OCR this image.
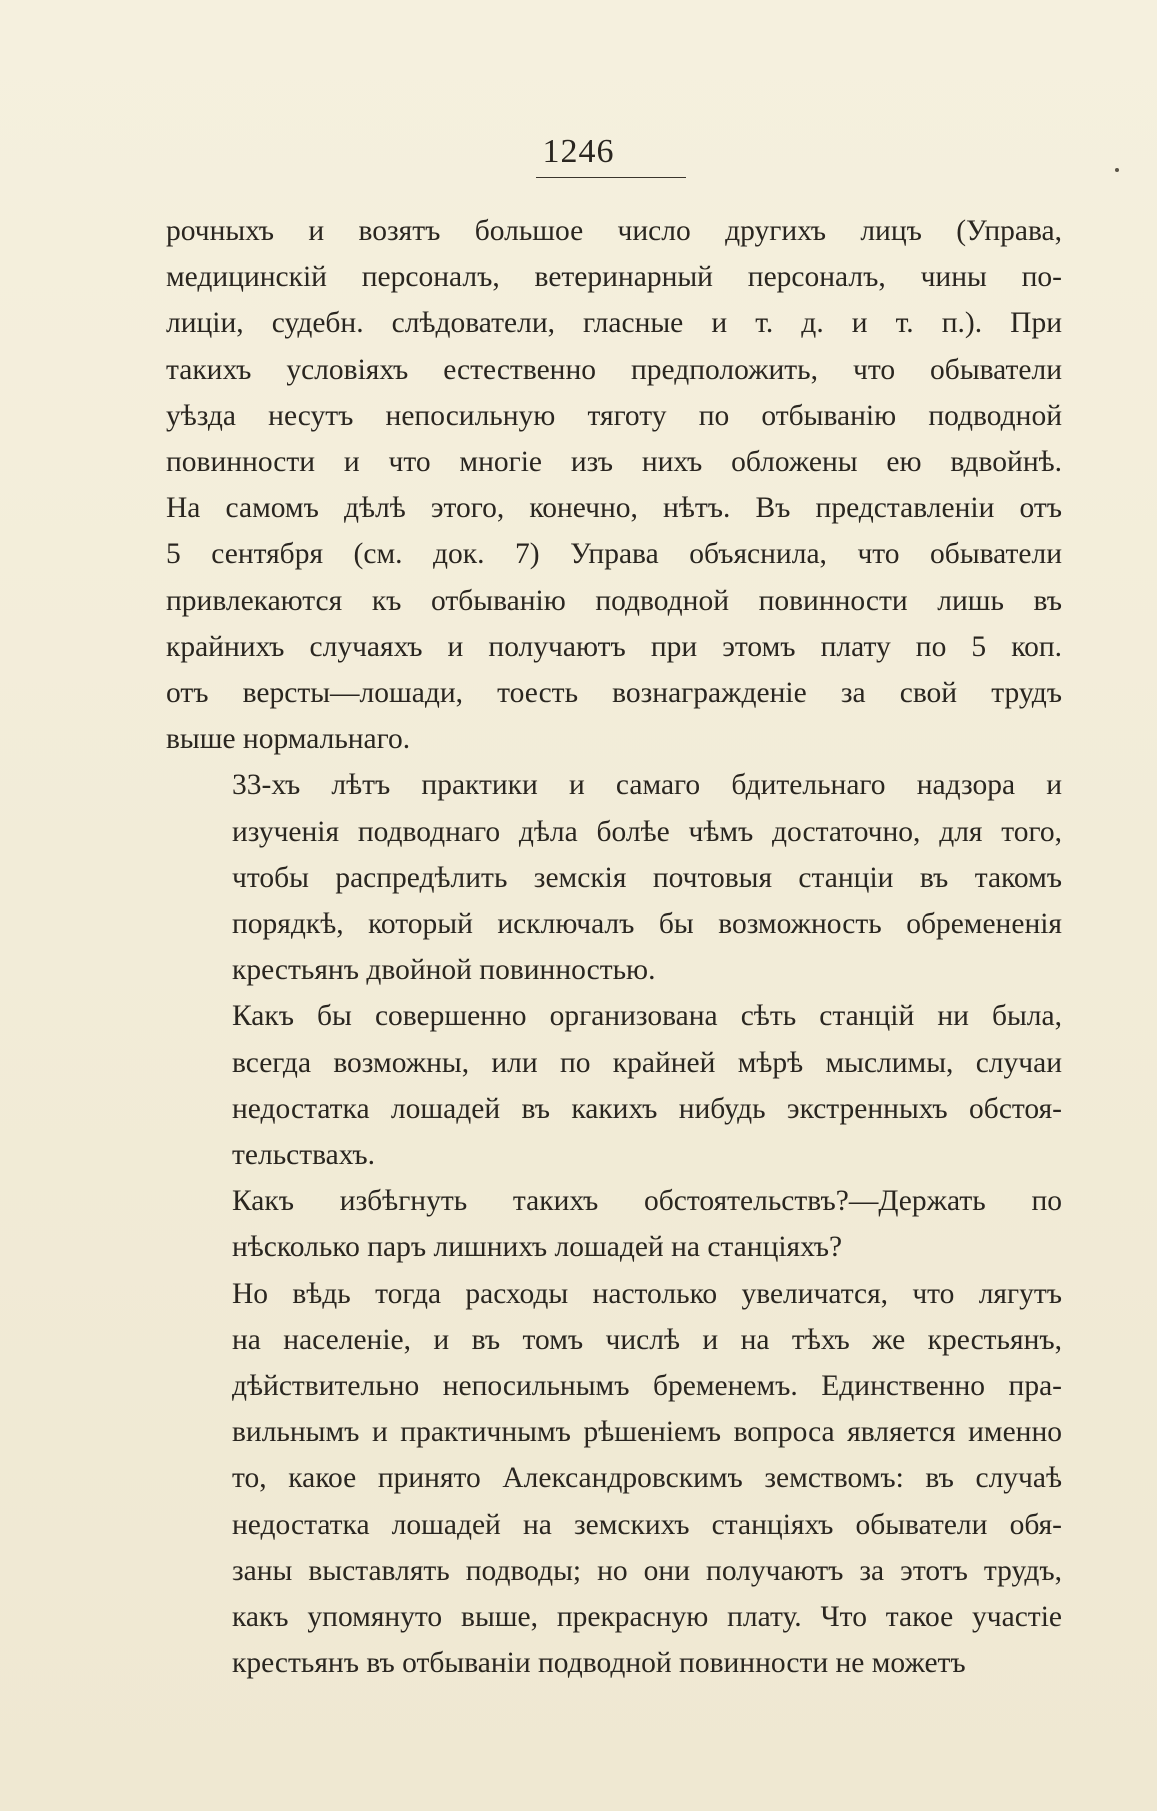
1246

рочныхъ и возятъ большое число другихъ лицъ (Управа,
медицинскій персоналъ, ветеринарный персоналъ, чины по-
лиціи, судебн. слѣдователи, гласные и т. д. и т. п.). При
такихъ условіяхъ естественно предположить, что обыватели
уѣзда несутъ непосильную тяготу по отбыванію подводной
повинности и что многіе изъ нихъ обложены ею вдвойнѣ.
На самомъ дѣлѣ этого, конечно, нѣтъ. Въ представленіи отъ
5 сентября (см. док. 7) Управа объяснила, что обыватели
привлекаются къ отбыванію подводной повинности лишь въ
крайнихъ случаяхъ и получаютъ при этомъ плату по 5 коп.
отъ версты—лошади, тоесть вознагражденіе за свой трудъ
выше нормальнаго.

33-хъ лѣтъ практики и самаго бдительнаго надзора и
изученія подводнаго дѣла болѣе чѣмъ достаточно, для того,
чтобы распредѣлить земскія почтовыя станціи въ такомъ
порядкѣ, который исключалъ бы возможность обремененія
крестьянъ двойной повинностью.

Какъ бы совершенно организована сѣть станцій ни была,
всегда возможны, или по крайней мѣрѣ мыслимы, случаи
недостатка лошадей въ какихъ нибудь экстренныхъ обстоя-
тельствахъ.

Какъ избѣгнуть такихъ обстоятельствъ?—Держать по
нѣсколько паръ лишнихъ лошадей на станціяхъ?

Но вѣдь тогда расходы настолько увеличатся, что лягутъ
на населеніе, и въ томъ числѣ и на тѣхъ же крестьянъ,
дѣйствительно непосильнымъ бременемъ. Единственно пра-
вильнымъ и практичнымъ рѣшеніемъ вопроса является именно
то, какое принято Александровскимъ земствомъ: въ случаѣ
недостатка лошадей на земскихъ станціяхъ обыватели обя-
заны выставлять подводы; но они получаютъ за этотъ трудъ,
какъ упомянуто выше, прекрасную плату. Что такое участіе
крестьянъ въ отбываніи подводной повинности не можетъ
